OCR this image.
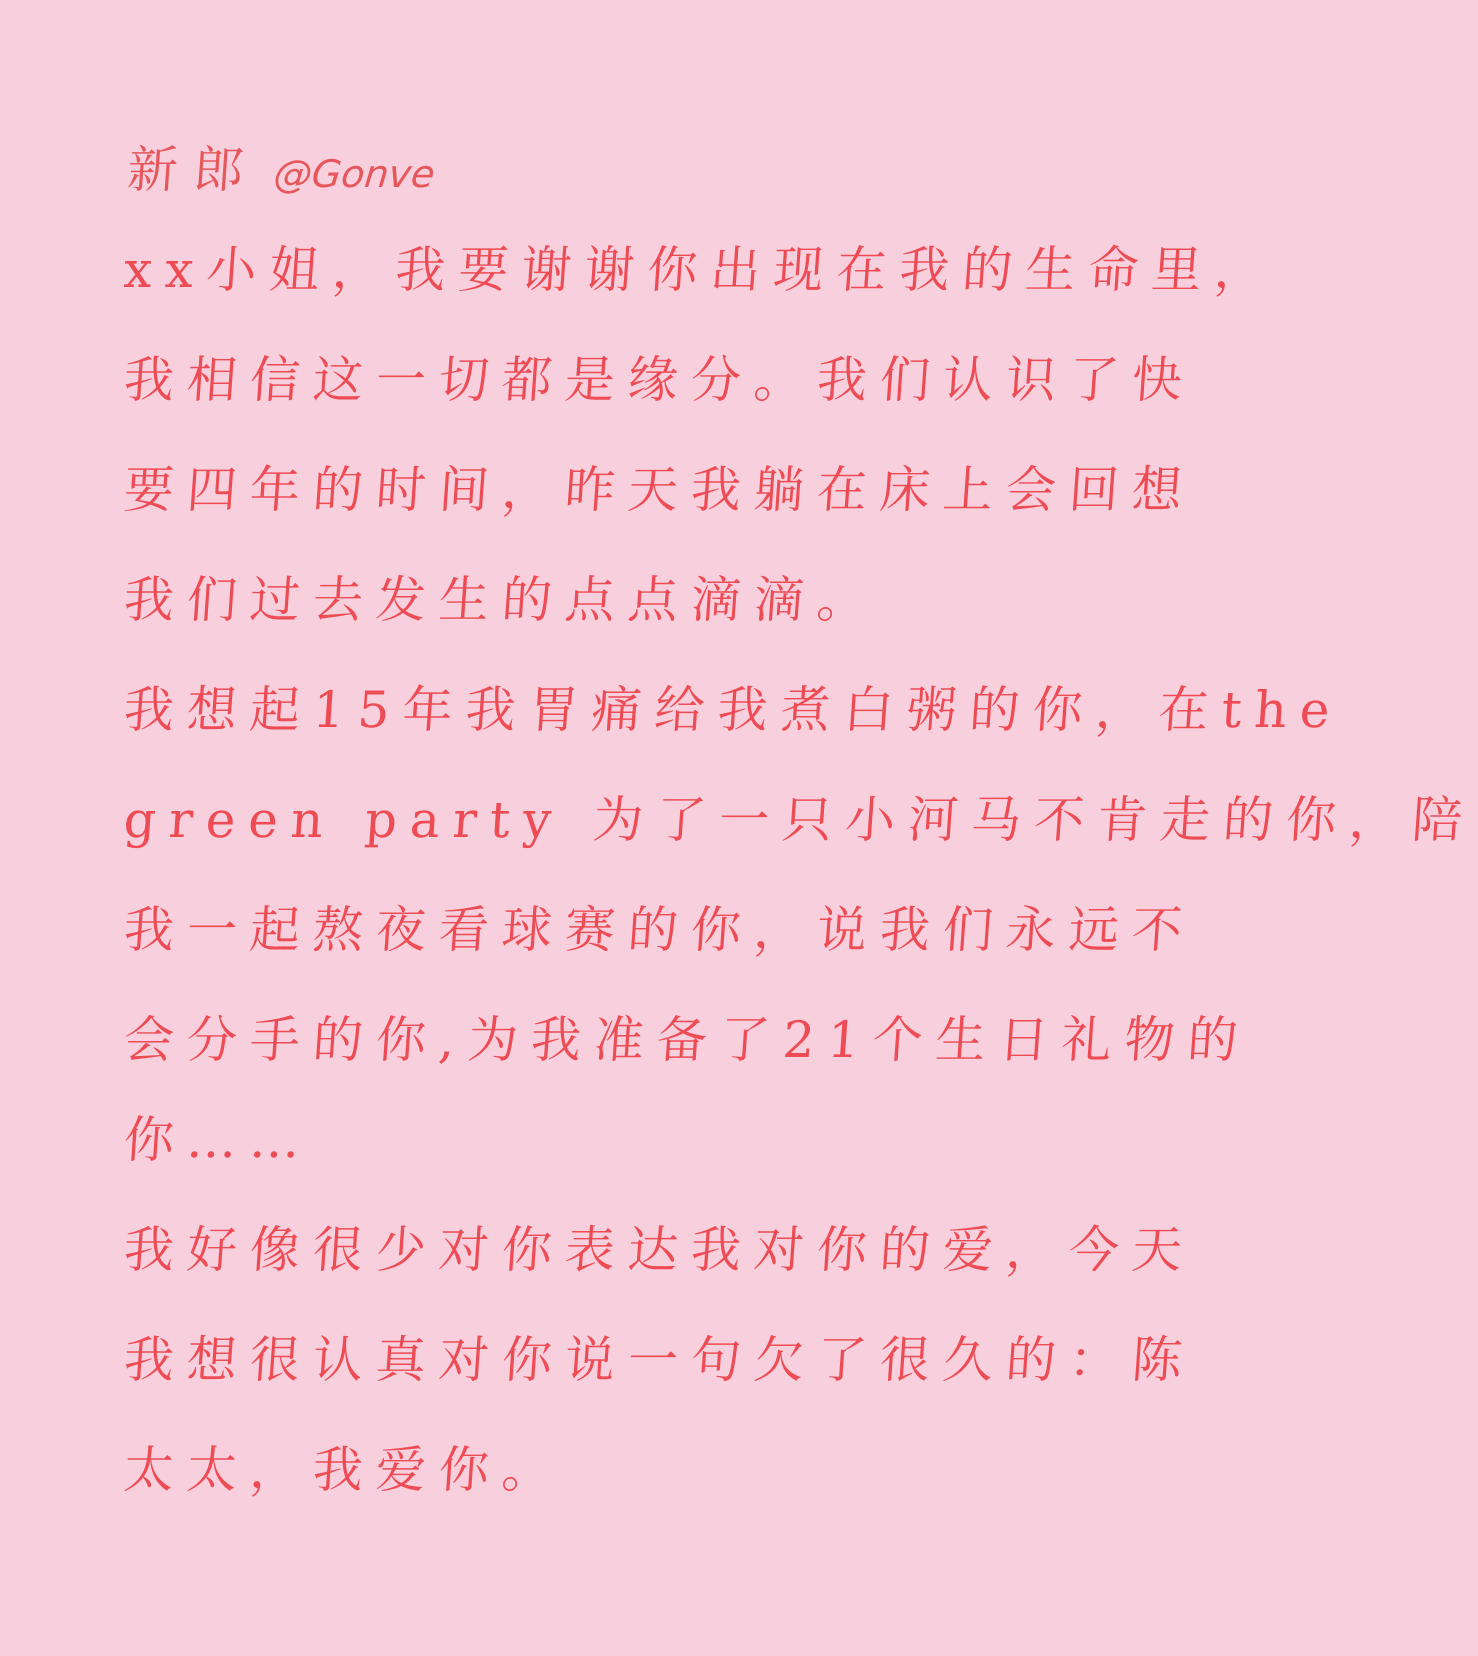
新郎 @Gonve
xx小姐，我要谢谢你出现在我的生命里，
我相信这一切都是缘分。我们认识了快
要四年的时间，昨天我躺在床上会回想
我们过去发生的点点滴滴。
我想起15年我胃痛给我煮白粥的你，在the
green party 为了一只小河马不肯走的你，陪
我一起熬夜看球赛的你，说我们永远不
会分手的你,为我准备了21个生日礼物的
你……
我好像很少对你表达我对你的爱，今天
我想很认真对你说一句欠了很久的：陈
太太，我爱你。
